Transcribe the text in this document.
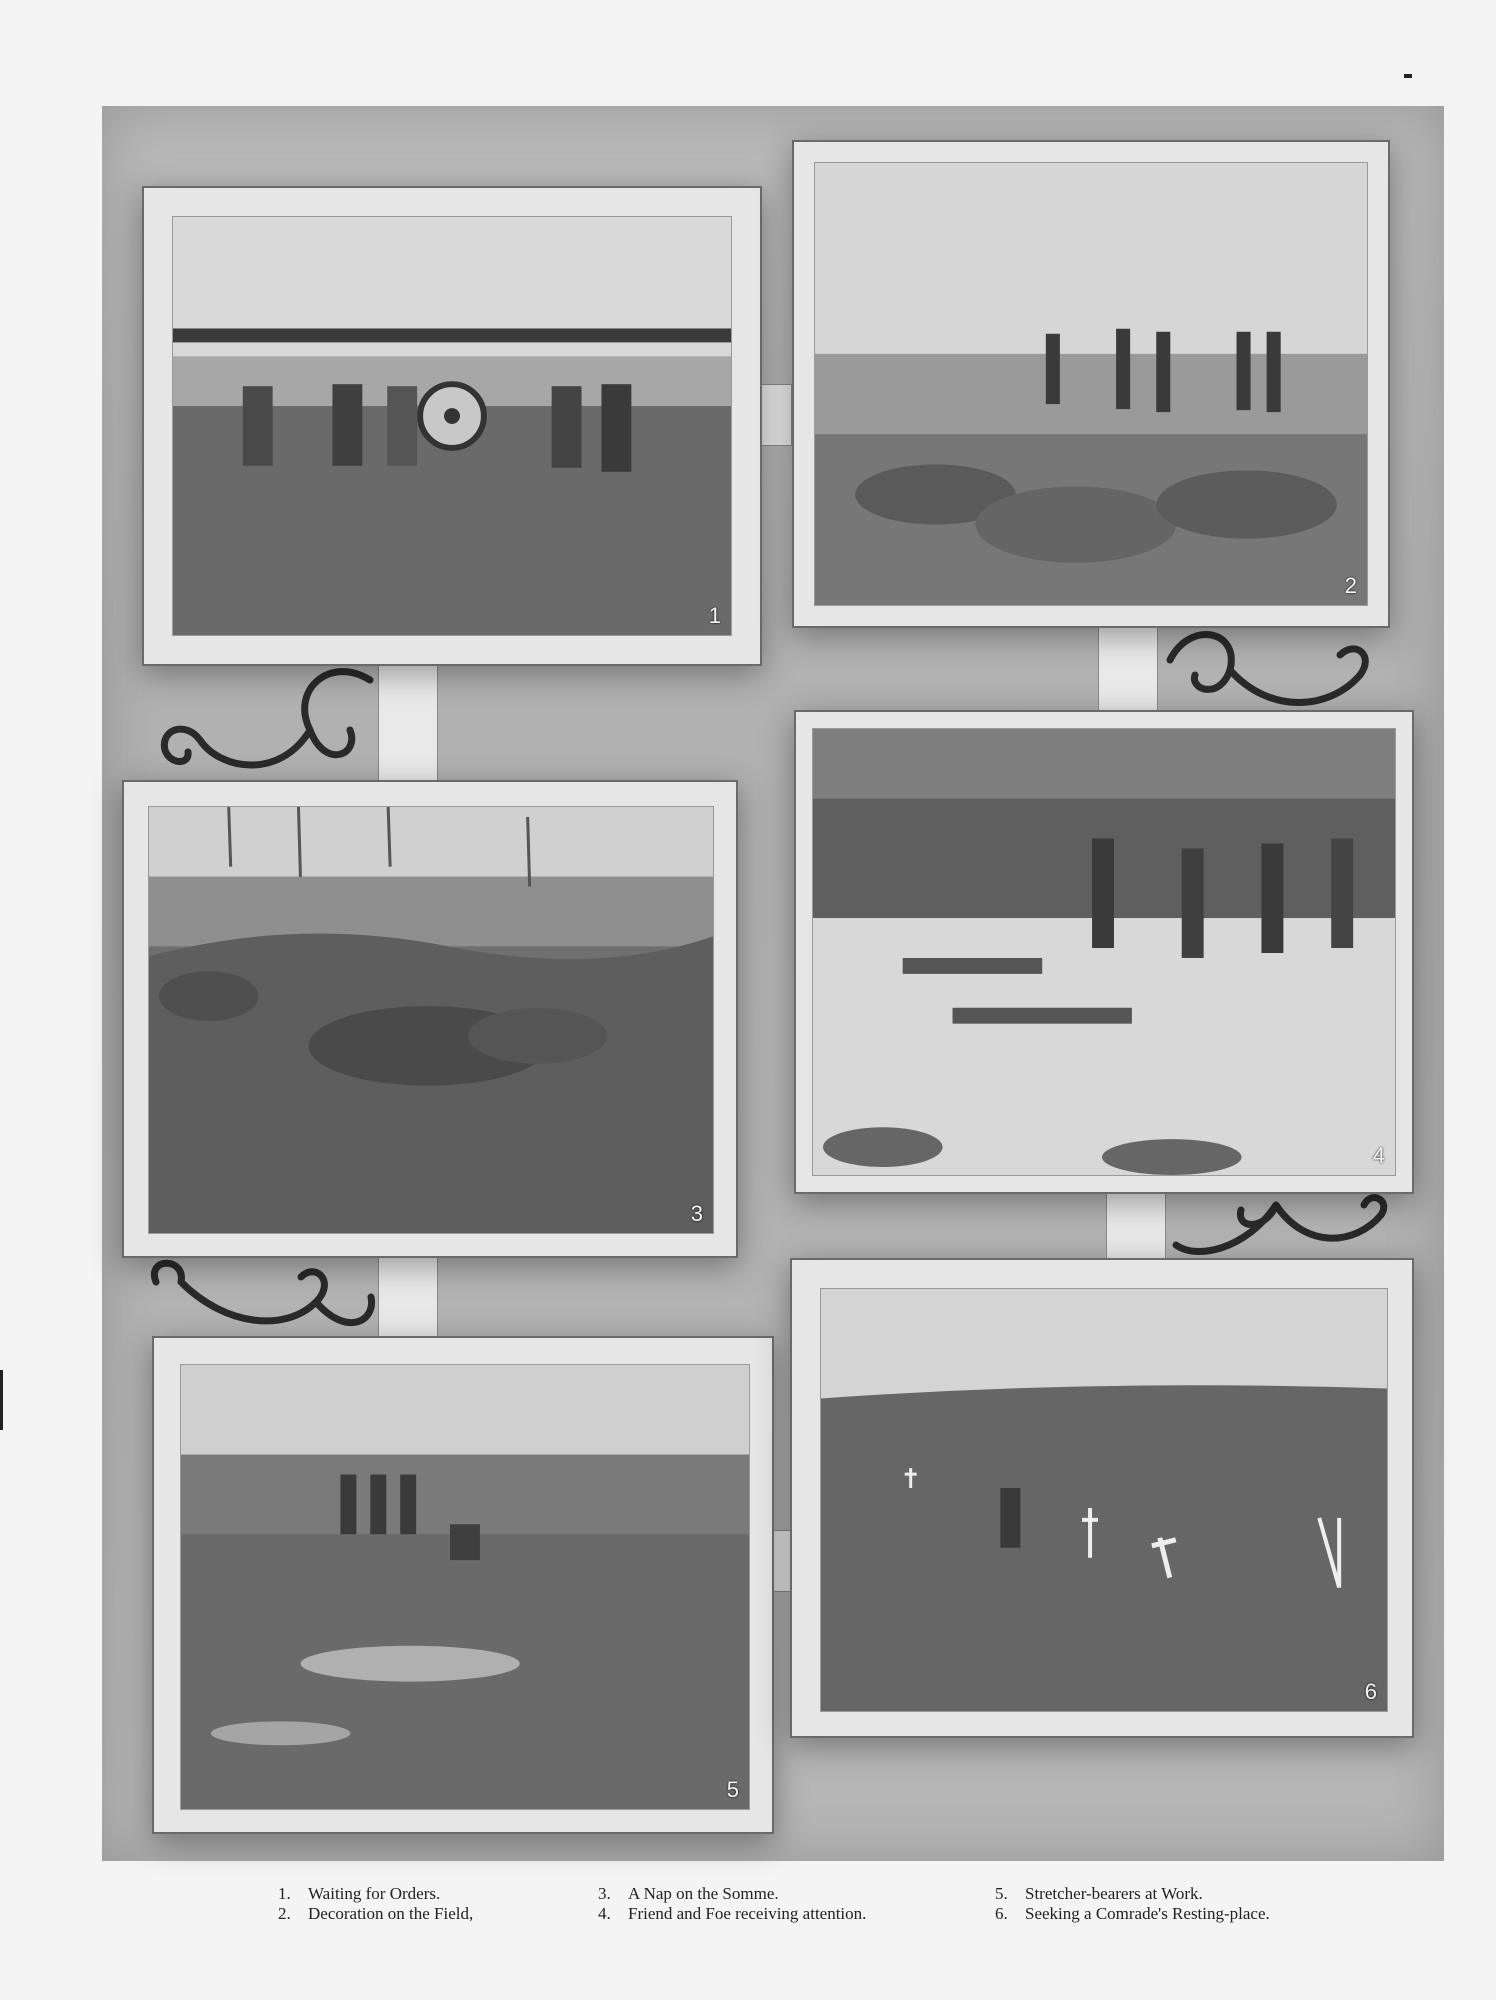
1
2
3
4
5
6
1. Waiting for Orders.
2. Decoration on the Field,
3. A Nap on the Somme.
4. Friend and Foe receiving attention.
5. Stretcher-bearers at Work.
6. Seeking a Comrade's Resting-place.
